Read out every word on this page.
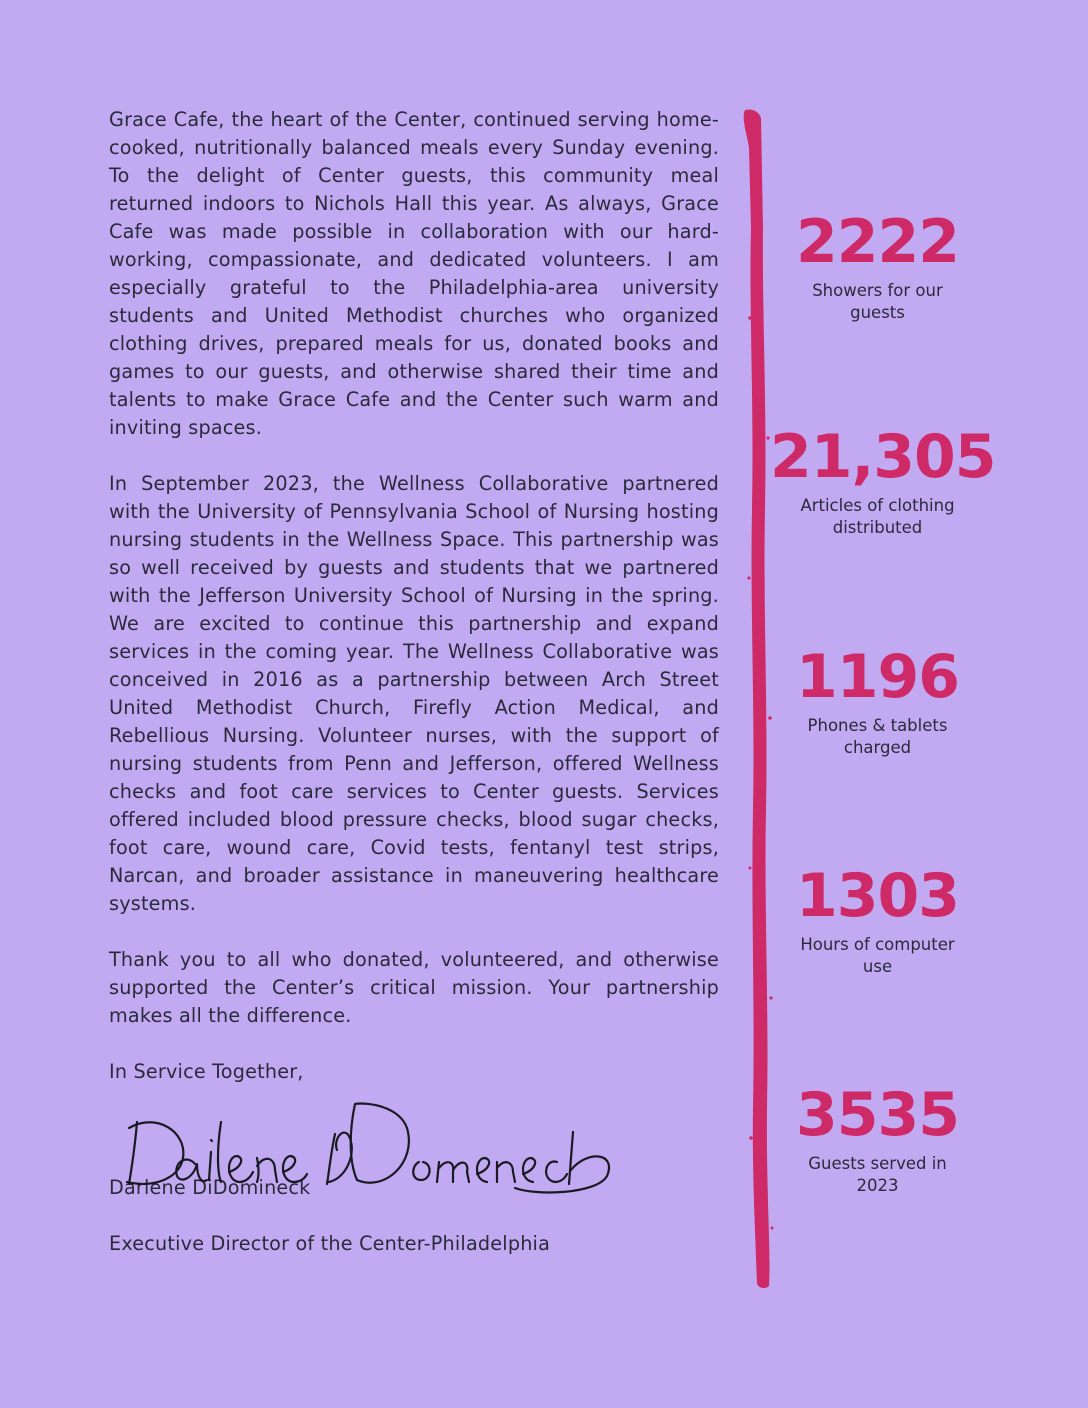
Grace Cafe, the heart of the Center, continued serving home-cooked, nutritionally balanced meals every Sunday evening. To the delight of Center guests, this community meal returned indoors to Nichols Hall this year. As always, Grace Cafe was made possible in collaboration with our hard-working, compassionate, and dedicated volunteers. I am especially grateful to the Philadelphia-area university students and United Methodist churches who organized clothing drives, prepared meals for us, donated books and games to our guests, and otherwise shared their time and talents to make Grace Cafe and the Center such warm and inviting spaces.

In September 2023, the Wellness Collaborative partnered with the University of Pennsylvania School of Nursing hosting nursing students in the Wellness Space. This partnership was so well received by guests and students that we partnered with the Jefferson University School of Nursing in the spring. We are excited to continue this partnership and expand services in the coming year. The Wellness Collaborative was conceived in 2016 as a partnership between Arch Street United Methodist Church, Firefly Action Medical, and Rebellious Nursing. Volunteer nurses, with the support of nursing students from Penn and Jefferson, offered Wellness checks and foot care services to Center guests. Services offered included blood pressure checks, blood sugar checks, foot care, wound care, Covid tests, fentanyl test strips, Narcan, and broader assistance in maneuvering healthcare systems.

Thank you to all who donated, volunteered, and otherwise supported the Center’s critical mission. Your partnership makes all the difference.

In Service Together,

Darlene DiDomineck

Executive Director of the Center-Philadelphia

2222
Showers for our guests
21,305
Articles of clothing distributed
1196
Phones & tablets charged
1303
Hours of computer use
3535
Guests served in 2023
